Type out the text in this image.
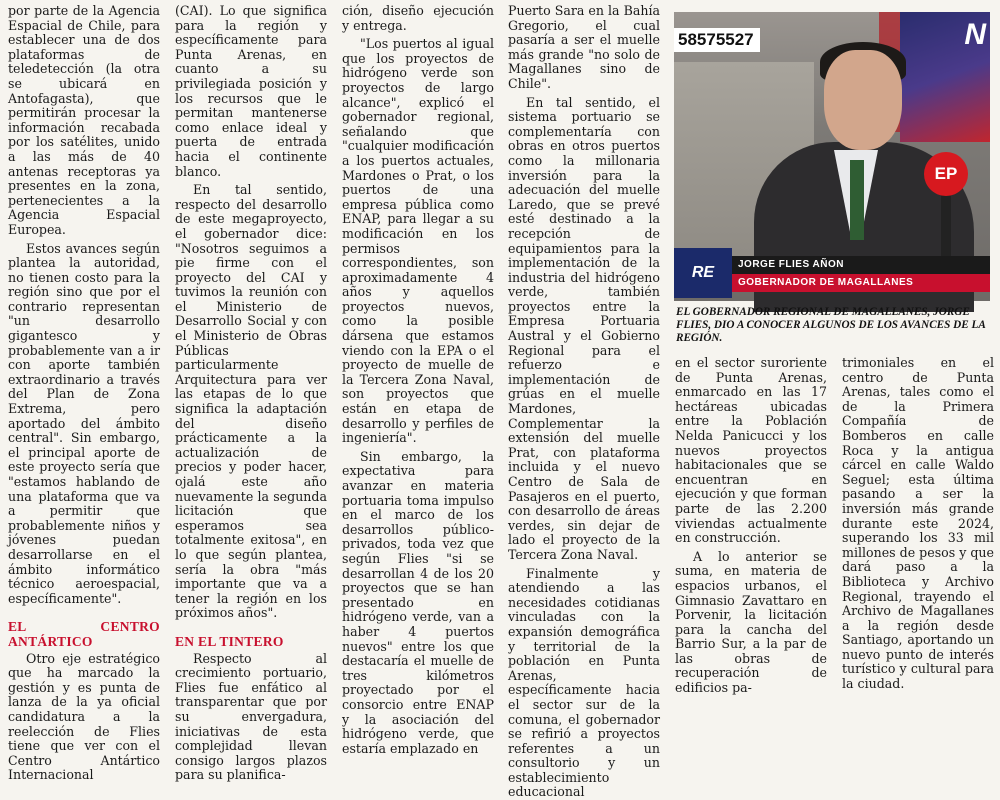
por parte de la Agencia Espacial de Chile, para establecer una de dos plataformas de teledetección (la otra se ubicará en Antofagasta), que permitirán procesar la información recabada por los satélites, unido a las más de 40 antenas receptoras ya presentes en la zona, pertenecientes a la Agencia Espacial Europea.

Estos avances según plantea la autoridad, no tienen costo para la región sino que por el contrario representan "un desarrollo gigantesco y probablemente van a ir con aporte también extraordinario a través del Plan de Zona Extrema, pero aportado del ámbito central". Sin embargo, el principal aporte de este proyecto sería que "estamos hablando de una plataforma que va a permitir que probablemente niños y jóvenes puedan desarrollarse en el ámbito informático técnico aeroespacial, específicamente".

EL CENTRO ANTÁRTICO

Otro eje estratégico que ha marcado la gestión y es punta de lanza de la ya oficial candidatura a la reelección de Flies tiene que ver con el Centro Antártico Internacional

(CAI). Lo que significa para la región y específicamente para Punta Arenas, en cuanto a su privilegiada posición y los recursos que le permitan mantenerse como enlace ideal y puerta de entrada hacia el continente blanco.

En tal sentido, respecto del desarrollo de este megaproyecto, el gobernador dice: "Nosotros seguimos a pie firme con el proyecto del CAI y tuvimos la reunión con el Ministerio de Desarrollo Social y con el Ministerio de Obras Públicas particularmente Arquitectura para ver las etapas de lo que significa la adaptación del diseño prácticamente a la actualización de precios y poder hacer, ojalá este año nuevamente la segunda licitación que esperamos sea totalmente exitosa", en lo que según plantea, sería la obra "más importante que va a tener la región en los próximos años".

EN EL TINTERO

Respecto al crecimiento portuario, Flies fue enfático al transparentar que por su envergadura, iniciativas de esta complejidad llevan consigo largos plazos para su planifica-

ción, diseño ejecución y entrega.

"Los puertos al igual que los proyectos de hidrógeno verde son proyectos de largo alcance", explicó el gobernador regional, señalando que "cualquier modificación a los puertos actuales, Mardones o Prat, o los puertos de una empresa pública como ENAP, para llegar a su modificación en los permisos correspondientes, son aproximadamente 4 años y aquellos proyectos nuevos, como la posible dársena que estamos viendo con la EPA o el proyecto de muelle de la Tercera Zona Naval, son proyectos que están en etapa de desarrollo y perfiles de ingeniería".

Sin embargo, la expectativa para avanzar en materia portuaria toma impulso en el marco de los desarrollos público-privados, toda vez que según Flies "si se desarrollan 4 de los 20 proyectos que se han presentado en hidrógeno verde, van a haber 4 puertos nuevos" entre los que destacaría el muelle de tres kilómetros proyectado por el consorcio entre ENAP y la asociación del hidrógeno verde, que estaría emplazado en

Puerto Sara en la Bahía Gregorio, el cual pasaría a ser el muelle más grande "no solo de Magallanes sino de Chile".

En tal sentido, el sistema portuario se complementaría con obras en otros puertos como la millonaria inversión para la adecuación del muelle Laredo, que se prevé esté destinado a la recepción de equipamientos para la implementación de la industria del hidrógeno verde, también proyectos entre la Empresa Portuaria Austral y el Gobierno Regional para el refuerzo e implementación de grúas en el muelle Mardones, Complementar la extensión del muelle Prat, con plataforma incluida y el nuevo Centro de Sala de Pasajeros en el puerto, con desarrollo de áreas verdes, sin dejar de lado el proyecto de la Tercera Zona Naval.

Finalmente y atendiendo a las necesidades cotidianas vinculadas con la expansión demográfica y territorial de la población en Punta Arenas, específicamente hacia el sector sur de la comuna, el gobernador se refirió a proyectos referentes a un consultorio y un establecimiento educacional

N
58575527
EP
RE	JORGE FLIES AÑON
GOBERNADOR DE MAGALLANES
EL GOBERNADOR REGIONAL DE MAGALLANES, JORGE FLIES, DIO A CONOCER ALGUNOS DE LOS AVANCES DE LA REGIÓN.

en el sector suroriente de Punta Arenas, enmarcado en las 17 hectáreas ubicadas entre la Población Nelda Panicucci y los nuevos proyectos habitacionales que se encuentran en ejecución y que forman parte de las 2.200 viviendas actualmente en construcción.

A lo anterior se suma, en materia de espacios urbanos, el Gimnasio Zavattaro en Porvenir, la licitación para la cancha del Barrio Sur, a la par de las obras de recuperación de edificios pa-

trimoniales en el centro de Punta Arenas, tales como el de la Primera Compañía de Bomberos en calle Roca y la antigua cárcel en calle Waldo Seguel; esta última pasando a ser la inversión más grande durante este 2024, superando los 33 mil millones de pesos y que dará paso a la Biblioteca y Archivo Regional, trayendo el Archivo de Magallanes a la región desde Santiago, aportando un nuevo punto de interés turístico y cultural para la ciudad.
